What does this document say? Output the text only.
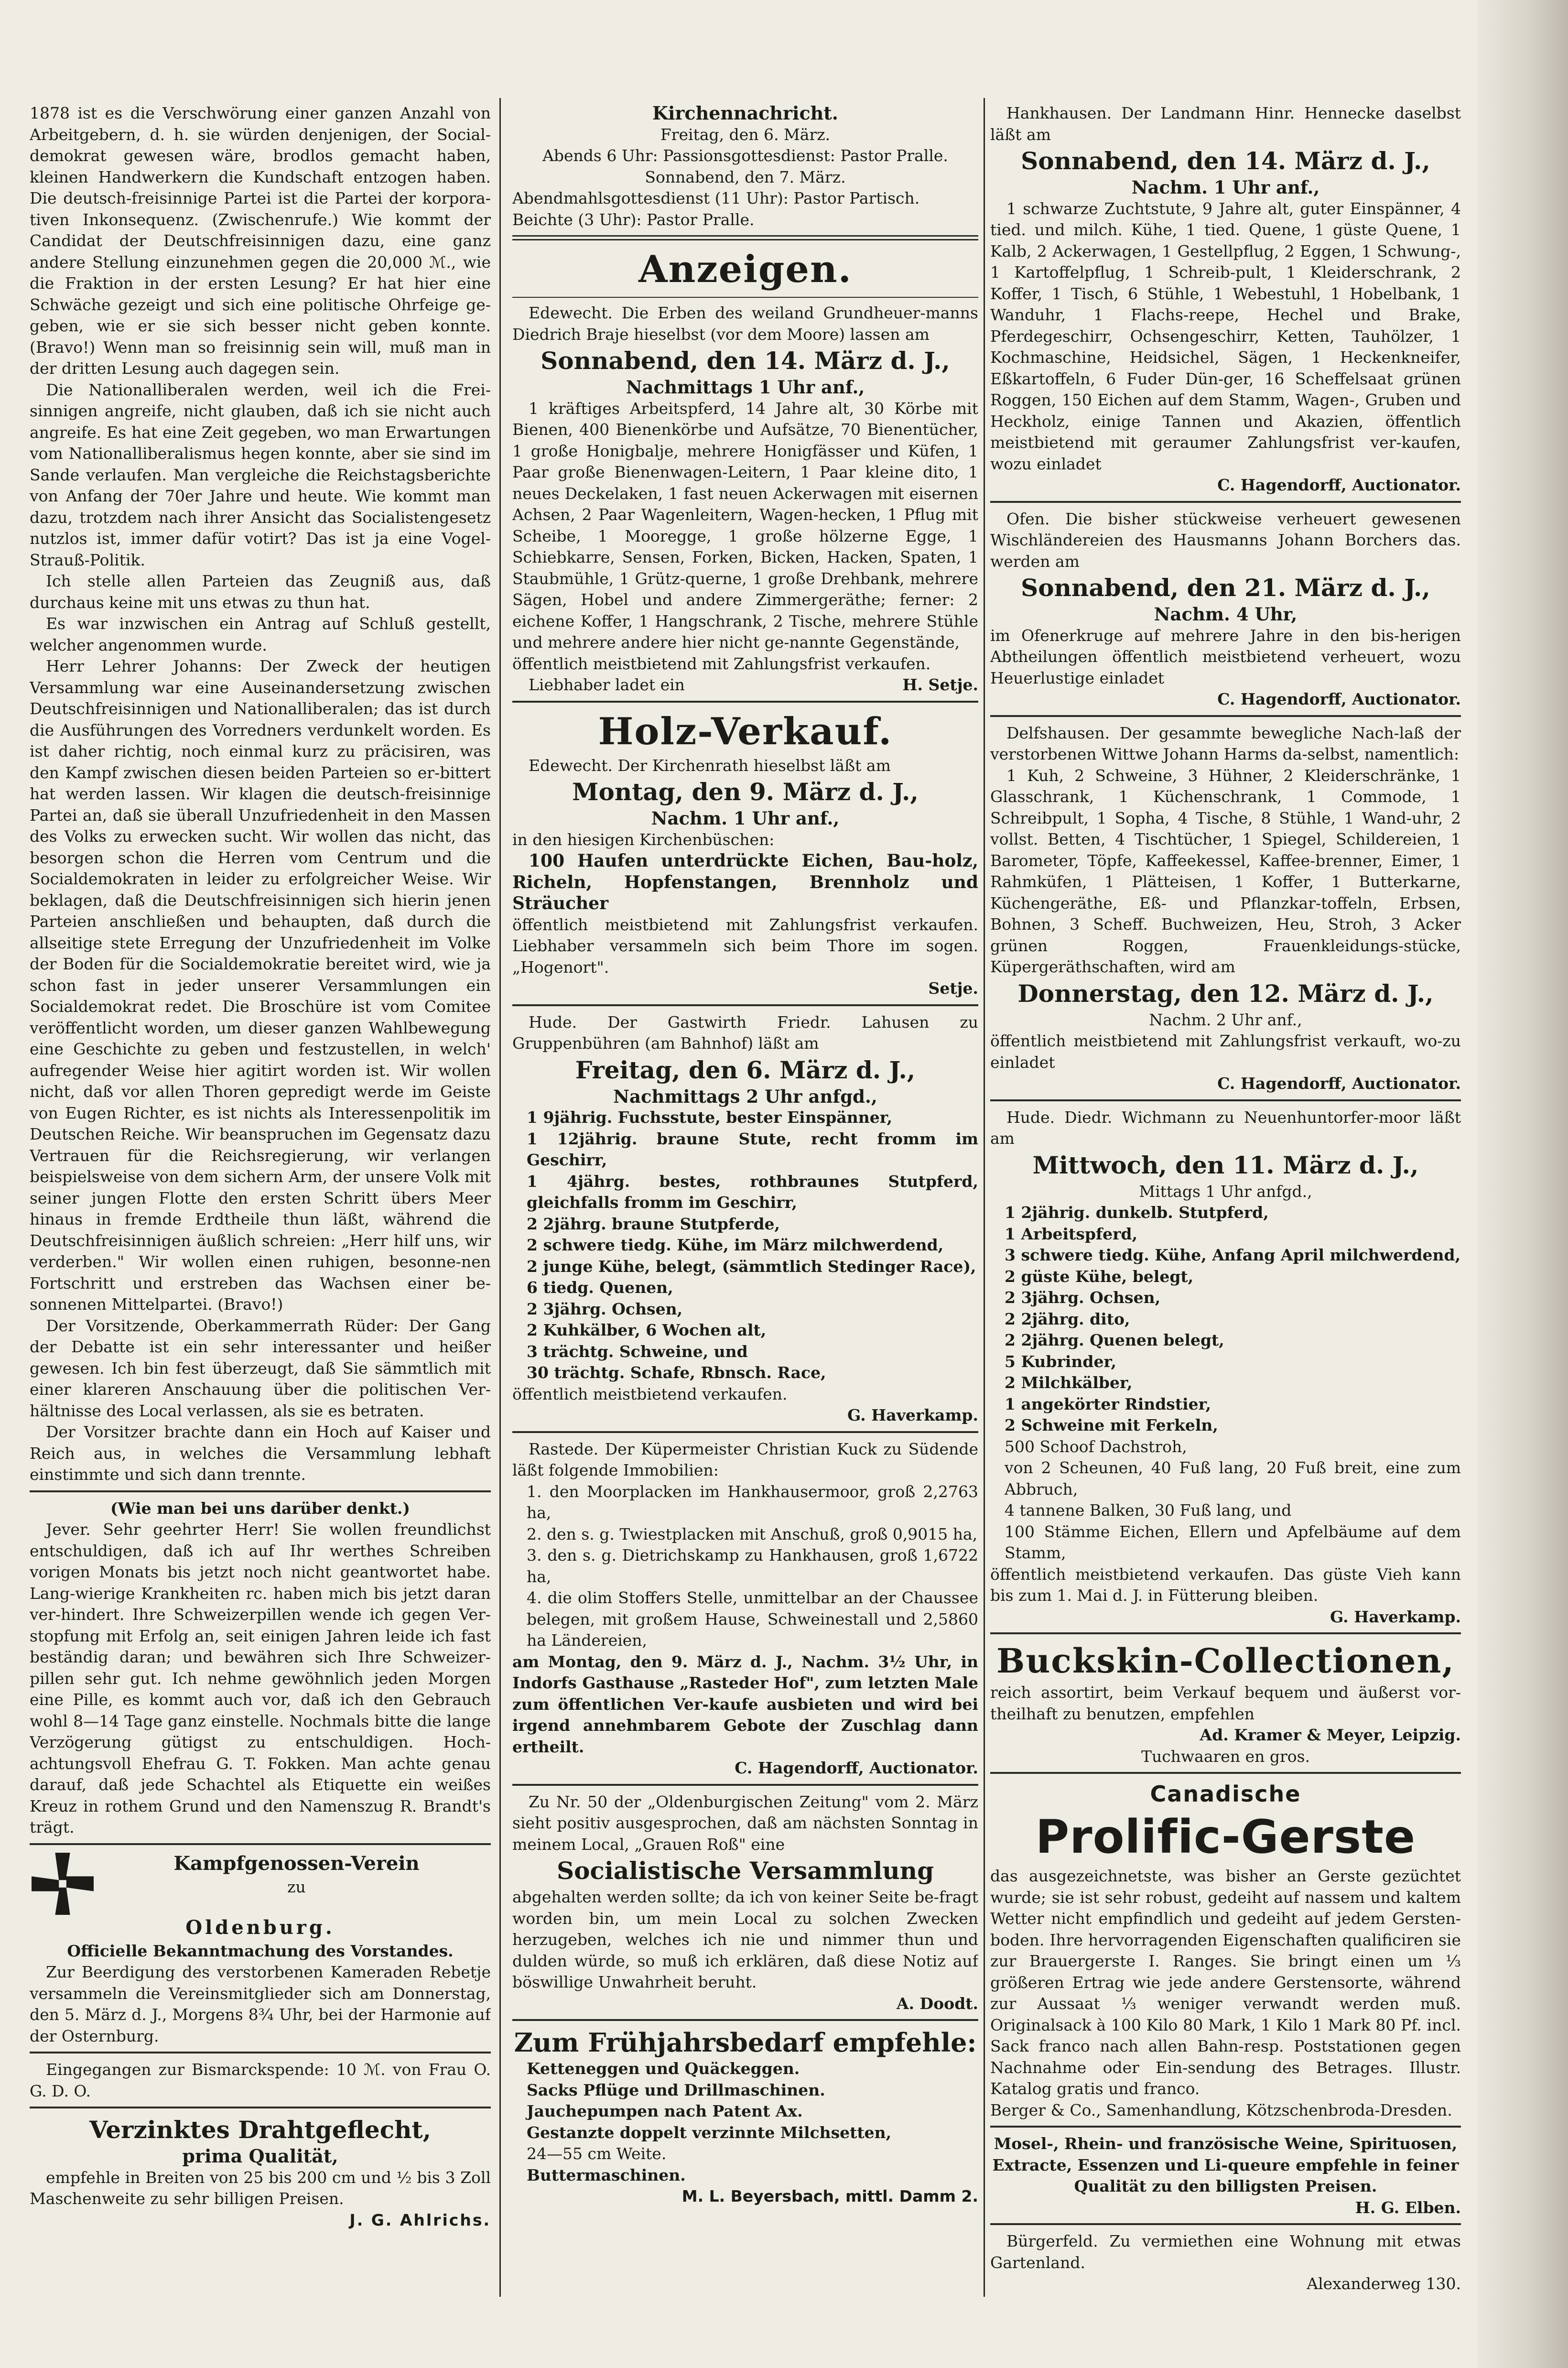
1878 ist es die Verschwörung einer ganzen Anzahl von Arbeitgebern, d. h. sie würden denjenigen, der Social-demokrat gewesen wäre, brodlos gemacht haben, kleinen Handwerkern die Kundschaft entzogen haben. Die deutsch-freisinnige Partei ist die Partei der korpora-tiven Inkonsequenz. (Zwischenrufe.) Wie kommt der Candidat der Deutschfreisinnigen dazu, eine ganz andere Stellung einzunehmen gegen die 20,000 ℳ., wie die Fraktion in der ersten Lesung? Er hat hier eine Schwäche gezeigt und sich eine politische Ohrfeige ge-geben, wie er sie sich besser nicht geben konnte. (Bravo!) Wenn man so freisinnig sein will, muß man in der dritten Lesung auch dagegen sein.

Die Nationalliberalen werden, weil ich die Frei-sinnigen angreife, nicht glauben, daß ich sie nicht auch angreife. Es hat eine Zeit gegeben, wo man Erwartungen vom Nationalliberalismus hegen konnte, aber sie sind im Sande verlaufen. Man vergleiche die Reichstagsberichte von Anfang der 70er Jahre und heute. Wie kommt man dazu, trotzdem nach ihrer Ansicht das Socialistengesetz nutzlos ist, immer dafür votirt? Das ist ja eine Vogel-Strauß-Politik.

Ich stelle allen Parteien das Zeugniß aus, daß durchaus keine mit uns etwas zu thun hat.

Es war inzwischen ein Antrag auf Schluß gestellt, welcher angenommen wurde.

Herr Lehrer Johanns: Der Zweck der heutigen Versammlung war eine Auseinandersetzung zwischen Deutschfreisinnigen und Nationalliberalen; das ist durch die Ausführungen des Vorredners verdunkelt worden. Es ist daher richtig, noch einmal kurz zu präcisiren, was den Kampf zwischen diesen beiden Parteien so er-bittert hat werden lassen. Wir klagen die deutsch-freisinnige Partei an, daß sie überall Unzufriedenheit in den Massen des Volks zu erwecken sucht. Wir wollen das nicht, das besorgen schon die Herren vom Centrum und die Socialdemokraten in leider zu erfolgreicher Weise. Wir beklagen, daß die Deutschfreisinnigen sich hierin jenen Parteien anschließen und behaupten, daß durch die allseitige stete Erregung der Unzufriedenheit im Volke der Boden für die Socialdemokratie bereitet wird, wie ja schon fast in jeder unserer Versammlungen ein Socialdemokrat redet. Die Broschüre ist vom Comitee veröffentlicht worden, um dieser ganzen Wahlbewegung eine Geschichte zu geben und festzustellen, in welch' aufregender Weise hier agitirt worden ist. Wir wollen nicht, daß vor allen Thoren gepredigt werde im Geiste von Eugen Richter, es ist nichts als Interessenpolitik im Deutschen Reiche. Wir beanspruchen im Gegensatz dazu Vertrauen für die Reichsregierung, wir verlangen beispielsweise von dem sichern Arm, der unsere Volk mit seiner jungen Flotte den ersten Schritt übers Meer hinaus in fremde Erdtheile thun läßt, während die Deutschfreisinnigen äußlich schreien: „Herr hilf uns, wir verderben." Wir wollen einen ruhigen, besonne-nen Fortschritt und erstreben das Wachsen einer be-sonnenen Mittelpartei. (Bravo!)

Der Vorsitzende, Oberkammerrath Rüder: Der Gang der Debatte ist ein sehr interessanter und heißer gewesen. Ich bin fest überzeugt, daß Sie sämmtlich mit einer klareren Anschauung über die politischen Ver-hältnisse des Local verlassen, als sie es betraten.

Der Vorsitzer brachte dann ein Hoch auf Kaiser und Reich aus, in welches die Versammlung lebhaft einstimmte und sich dann trennte.

(Wie man bei uns darüber denkt.)

Jever. Sehr geehrter Herr! Sie wollen freundlichst entschuldigen, daß ich auf Ihr werthes Schreiben vorigen Monats bis jetzt noch nicht geantwortet habe. Lang-wierige Krankheiten rc. haben mich bis jetzt daran ver-hindert. Ihre Schweizerpillen wende ich gegen Ver-stopfung mit Erfolg an, seit einigen Jahren leide ich fast beständig daran; und bewähren sich Ihre Schweizer-pillen sehr gut. Ich nehme gewöhnlich jeden Morgen eine Pille, es kommt auch vor, daß ich den Gebrauch wohl 8—14 Tage ganz einstelle. Nochmals bitte die lange Verzögerung gütigst zu entschuldigen. Hoch-achtungsvoll Ehefrau G. T. Fokken. Man achte genau darauf, daß jede Schachtel als Etiquette ein weißes Kreuz in rothem Grund und den Namenszug R. Brandt's trägt.

Kampfgenossen-Verein

zu

Oldenburg.

Officielle Bekanntmachung des Vorstandes.

Zur Beerdigung des verstorbenen Kameraden Rebetje versammeln die Vereinsmitglieder sich am Donnerstag, den 5. März d. J., Morgens 8¾ Uhr, bei der Harmonie auf der Osternburg.

Eingegangen zur Bismarckspende: 10 ℳ. von Frau O. G. D. O.

Verzinktes Drahtgeflecht,

prima Qualität,

empfehle in Breiten von 25 bis 200 cm und ½ bis 3 Zoll Maschenweite zu sehr billigen Preisen.

J. G. Ahlrichs.

Kirchennachricht.

Freitag, den 6. März.

Abends 6 Uhr: Passionsgottesdienst: Pastor Pralle.

Sonnabend, den 7. März.

Abendmahlsgottesdienst (11 Uhr): Pastor Partisch.

Beichte (3 Uhr): Pastor Pralle.

Anzeigen.

Edewecht. Die Erben des weiland Grundheuer-manns Diedrich Braje hieselbst (vor dem Moore) lassen am

Sonnabend, den 14. März d. J.,

Nachmittags 1 Uhr anf.,

1 kräftiges Arbeitspferd, 14 Jahre alt, 30 Körbe mit Bienen, 400 Bienenkörbe und Aufsätze, 70 Bienentücher, 1 große Honigbalje, mehrere Honigfässer und Küfen, 1 Paar große Bienenwagen-Leitern, 1 Paar kleine dito, 1 neues Deckelaken, 1 fast neuen Ackerwagen mit eisernen Achsen, 2 Paar Wagenleitern, Wagen-hecken, 1 Pflug mit Scheibe, 1 Mooregge, 1 große hölzerne Egge, 1 Schiebkarre, Sensen, Forken, Bicken, Hacken, Spaten, 1 Staubmühle, 1 Grütz-querne, 1 große Drehbank, mehrere Sägen, Hobel und andere Zimmergeräthe; ferner: 2 eichene Koffer, 1 Hangschrank, 2 Tische, mehrere Stühle und mehrere andere hier nicht ge-nannte Gegenstände,

öffentlich meistbietend mit Zahlungsfrist verkaufen.

Liebhaber ladet ein	H. Setje.

Holz-Verkauf.

Edewecht. Der Kirchenrath hieselbst läßt am

Montag, den 9. März d. J.,

Nachm. 1 Uhr anf.,

in den hiesigen Kirchenbüschen:

100 Haufen unterdrückte Eichen, Bau-holz, Richeln, Hopfenstangen, Brennholz und Sträucher

öffentlich meistbietend mit Zahlungsfrist verkaufen. Liebhaber versammeln sich beim Thore im sogen. „Hogenort".

Setje.

Hude. Der Gastwirth Friedr. Lahusen zu Gruppenbühren (am Bahnhof) läßt am

Freitag, den 6. März d. J.,

Nachmittags 2 Uhr anfgd.,

1 9jährig. Fuchsstute, bester Einspänner,

1 12jährig. braune Stute, recht fromm im Geschirr,

1 4jährg. bestes, rothbraunes Stutpferd, gleichfalls fromm im Geschirr,

2 2jährg. braune Stutpferde,

2 schwere tiedg. Kühe, im März milchwerdend,

2 junge Kühe, belegt, (sämmtlich Stedinger Race),

6 tiedg. Quenen,

2 3jährg. Ochsen,

2 Kuhkälber, 6 Wochen alt,

3 trächtg. Schweine, und

30 trächtg. Schafe, Rbnsch. Race,

öffentlich meistbietend verkaufen.

G. Haverkamp.

Rastede. Der Küpermeister Christian Kuck zu Südende läßt folgende Immobilien:

1. den Moorplacken im Hankhausermoor, groß 2,2763 ha,

2. den s. g. Twiestplacken mit Anschuß, groß 0,9015 ha,

3. den s. g. Dietrichskamp zu Hankhausen, groß 1,6722 ha,

4. die olim Stoffers Stelle, unmittelbar an der Chaussee belegen, mit großem Hause, Schweinestall und 2,5860 ha Ländereien,

am Montag, den 9. März d. J., Nachm. 3½ Uhr, in Indorfs Gasthause „Rasteder Hof", zum letzten Male zum öffentlichen Ver-kaufe ausbieten und wird bei irgend annehmbarem Gebote der Zuschlag dann ertheilt.

C. Hagendorff, Auctionator.

Zu Nr. 50 der „Oldenburgischen Zeitung" vom 2. März sieht positiv ausgesprochen, daß am nächsten Sonntag in meinem Local, „Grauen Roß" eine

Socialistische Versammlung

abgehalten werden sollte; da ich von keiner Seite be-fragt worden bin, um mein Local zu solchen Zwecken herzugeben, welches ich nie und nimmer thun und dulden würde, so muß ich erklären, daß diese Notiz auf böswillige Unwahrheit beruht.

A. Doodt.

Zum Frühjahrsbedarf empfehle:

Ketteneggen und Quäckeggen.

Sacks Pflüge und Drillmaschinen.

Jauchepumpen nach Patent Ax.

Gestanzte doppelt verzinnte Milchsetten,

24—55 cm Weite.

Buttermaschinen.

M. L. Beyersbach, mittl. Damm 2.

Hankhausen. Der Landmann Hinr. Hennecke daselbst läßt am

Sonnabend, den 14. März d. J.,

Nachm. 1 Uhr anf.,

1 schwarze Zuchtstute, 9 Jahre alt, guter Einspänner, 4 tied. und milch. Kühe, 1 tied. Quene, 1 güste Quene, 1 Kalb, 2 Ackerwagen, 1 Gestellpflug, 2 Eggen, 1 Schwung-, 1 Kartoffelpflug, 1 Schreib-pult, 1 Kleiderschrank, 2 Koffer, 1 Tisch, 6 Stühle, 1 Webestuhl, 1 Hobelbank, 1 Wanduhr, 1 Flachs-reepe, Hechel und Brake, Pferdegeschirr, Ochsengeschirr, Ketten, Tauhölzer, 1 Kochmaschine, Heidsichel, Sägen, 1 Heckenkneifer, Eßkartoffeln, 6 Fuder Dün-ger, 16 Scheffelsaat grünen Roggen, 150 Eichen auf dem Stamm, Wagen-, Gruben und Heckholz, einige Tannen und Akazien, öffentlich meistbietend mit geraumer Zahlungsfrist ver-kaufen, wozu einladet

C. Hagendorff, Auctionator.

Ofen. Die bisher stückweise verheuert gewesenen Wischländereien des Hausmanns Johann Borchers das. werden am

Sonnabend, den 21. März d. J.,

Nachm. 4 Uhr,

im Ofenerkruge auf mehrere Jahre in den bis-herigen Abtheilungen öffentlich meistbietend verheuert, wozu Heuerlustige einladet

C. Hagendorff, Auctionator.

Delfshausen. Der gesammte bewegliche Nach-laß der verstorbenen Wittwe Johann Harms da-selbst, namentlich:

1 Kuh, 2 Schweine, 3 Hühner, 2 Kleiderschränke, 1 Glasschrank, 1 Küchenschrank, 1 Commode, 1 Schreibpult, 1 Sopha, 4 Tische, 8 Stühle, 1 Wand-uhr, 2 vollst. Betten, 4 Tischtücher, 1 Spiegel, Schildereien, 1 Barometer, Töpfe, Kaffeekessel, Kaffee-brenner, Eimer, 1 Rahmküfen, 1 Plätteisen, 1 Koffer, 1 Butterkarne, Küchengeräthe, Eß- und Pflanzkar-toffeln, Erbsen, Bohnen, 3 Scheff. Buchweizen, Heu, Stroh, 3 Acker grünen Roggen, Frauenkleidungs-stücke, Küpergeräthschaften, wird am

Donnerstag, den 12. März d. J.,

Nachm. 2 Uhr anf.,

öffentlich meistbietend mit Zahlungsfrist verkauft, wo-zu einladet

C. Hagendorff, Auctionator.

Hude. Diedr. Wichmann zu Neuenhuntorfer-moor läßt am

Mittwoch, den 11. März d. J.,

Mittags 1 Uhr anfgd.,

1 2jährig. dunkelb. Stutpferd,

1 Arbeitspferd,

3 schwere tiedg. Kühe, Anfang April milchwerdend,

2 güste Kühe, belegt,

2 3jährg. Ochsen,

2 2jährg. dito,

2 2jährg. Quenen belegt,

5 Kubrinder,

2 Milchkälber,

1 angekörter Rindstier,

2 Schweine mit Ferkeln,

500 Schoof Dachstroh,

von 2 Scheunen, 40 Fuß lang, 20 Fuß breit, eine zum Abbruch,

4 tannene Balken, 30 Fuß lang, und

100 Stämme Eichen, Ellern und Apfelbäume auf dem Stamm,

öffentlich meistbietend verkaufen. Das güste Vieh kann bis zum 1. Mai d. J. in Fütterung bleiben.

G. Haverkamp.

Buckskin-Collectionen,

reich assortirt, beim Verkauf bequem und äußerst vor-theilhaft zu benutzen, empfehlen

Ad. Kramer & Meyer, Leipzig.

Tuchwaaren en gros.

Canadische

Prolific-Gerste

das ausgezeichnetste, was bisher an Gerste gezüchtet wurde; sie ist sehr robust, gedeiht auf nassem und kaltem Wetter nicht empfindlich und gedeiht auf jedem Gersten-boden. Ihre hervorragenden Eigenschaften qualificiren sie zur Brauergerste I. Ranges. Sie bringt einen um ⅓ größeren Ertrag wie jede andere Gerstensorte, während zur Aussaat ⅓ weniger verwandt werden muß. Originalsack à 100 Kilo 80 Mark, 1 Kilo 1 Mark 80 Pf. incl. Sack franco nach allen Bahn-resp. Poststationen gegen Nachnahme oder Ein-sendung des Betrages. Illustr. Katalog gratis und franco.

Berger & Co., Samenhandlung, Kötzschenbroda-Dresden.

Mosel-, Rhein- und französische Weine, Spirituosen, Extracte, Essenzen und Li-queure empfehle in feiner Qualität zu den billigsten Preisen.

H. G. Elben.

Bürgerfeld. Zu vermiethen eine Wohnung mit etwas Gartenland.

Alexanderweg 130.
